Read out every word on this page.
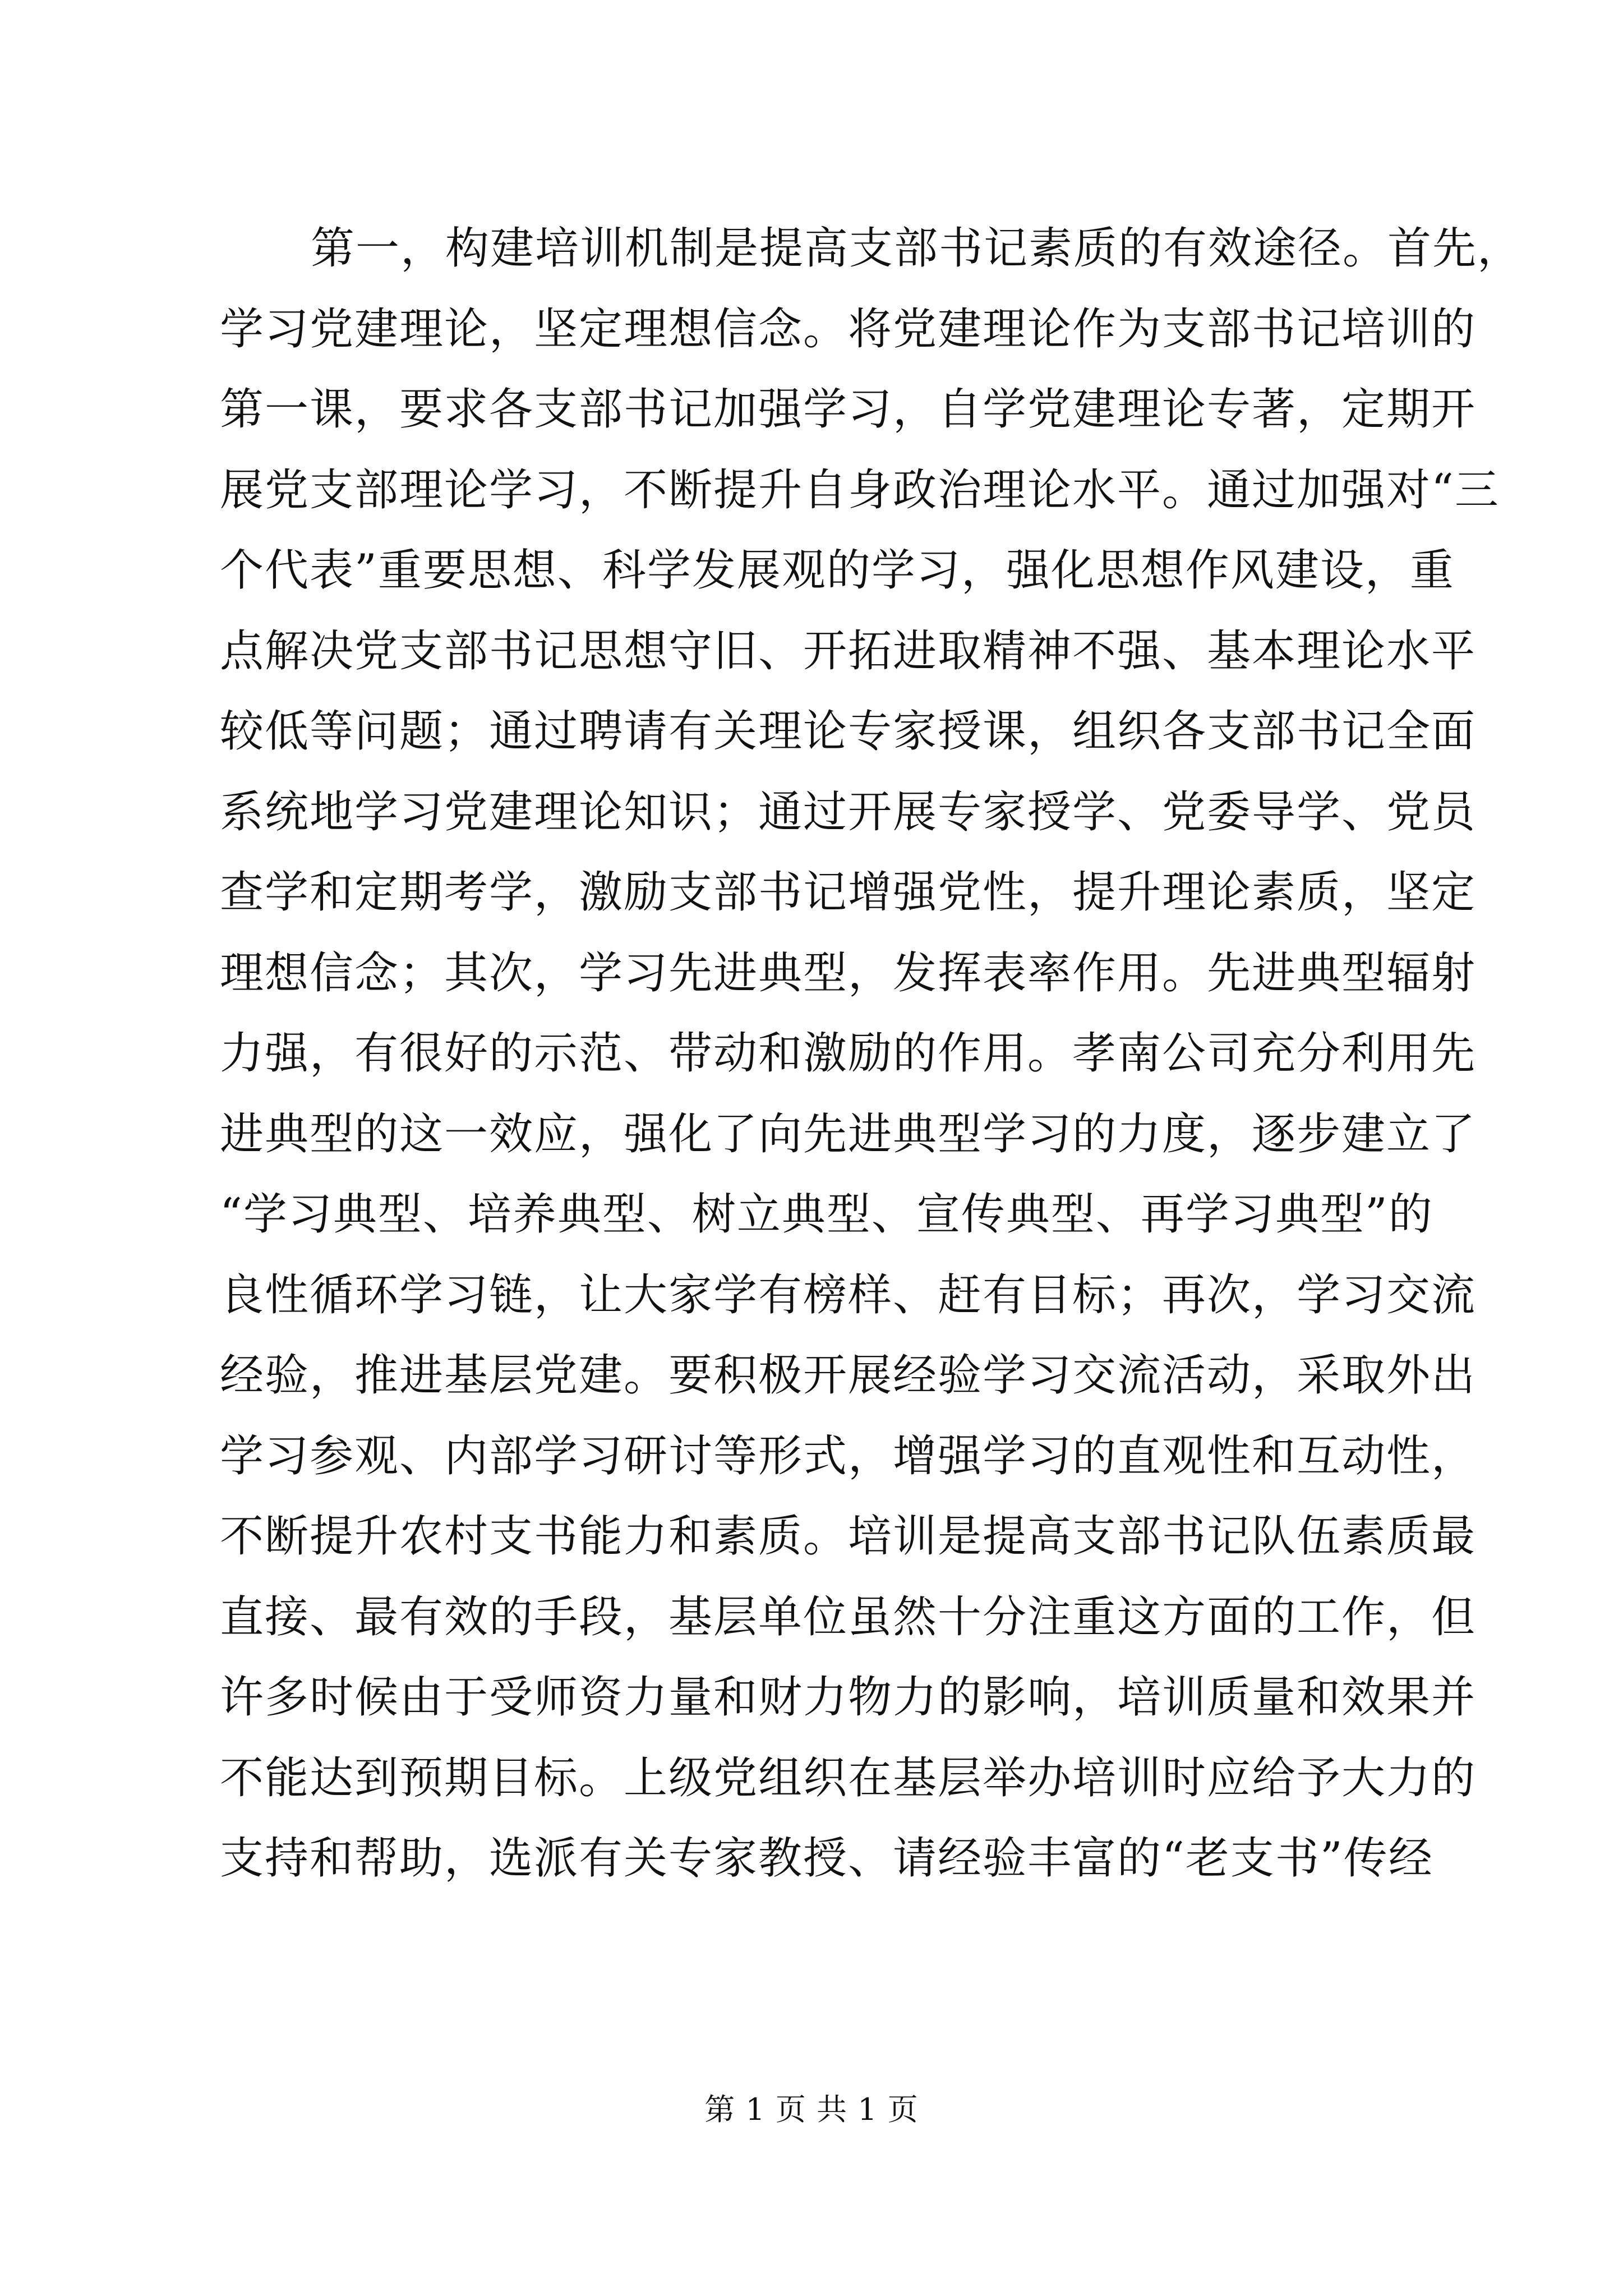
第一，构建培训机制是提高支部书记素质的有效途径。首先，
学习党建理论，坚定理想信念。将党建理论作为支部书记培训的
第一课，要求各支部书记加强学习，自学党建理论专著，定期开
展党支部理论学习，不断提升自身政治理论水平。通过加强对“三
个代表”重要思想、科学发展观的学习，强化思想作风建设，重
点解决党支部书记思想守旧、开拓进取精神不强、基本理论水平
较低等问题；通过聘请有关理论专家授课，组织各支部书记全面
系统地学习党建理论知识；通过开展专家授学、党委导学、党员
查学和定期考学，激励支部书记增强党性，提升理论素质，坚定
理想信念；其次，学习先进典型，发挥表率作用。先进典型辐射
力强，有很好的示范、带动和激励的作用。孝南公司充分利用先
进典型的这一效应，强化了向先进典型学习的力度，逐步建立了
“学习典型、培养典型、树立典型、宣传典型、再学习典型”的
良性循环学习链，让大家学有榜样、赶有目标；再次，学习交流
经验，推进基层党建。要积极开展经验学习交流活动，采取外出
学习参观、内部学习研讨等形式，增强学习的直观性和互动性，
不断提升农村支书能力和素质。培训是提高支部书记队伍素质最
直接、最有效的手段，基层单位虽然十分注重这方面的工作，但
许多时候由于受师资力量和财力物力的影响，培训质量和效果并
不能达到预期目标。上级党组织在基层举办培训时应给予大力的
支持和帮助，选派有关专家教授、请经验丰富的“老支书”传经
第 1 页 共 1 页
